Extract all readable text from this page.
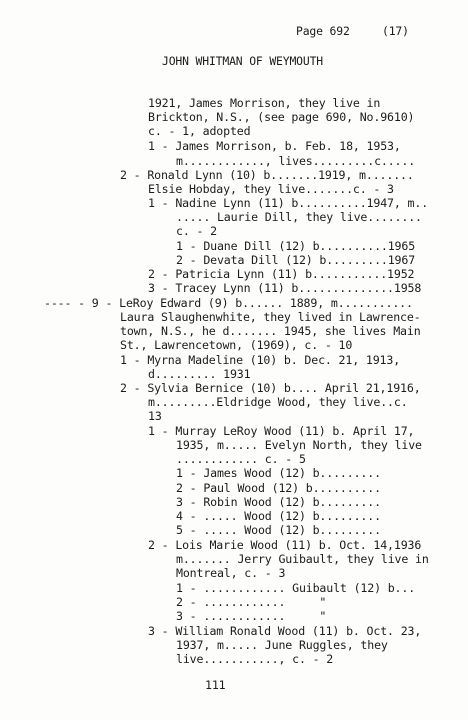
Page 692	(17)
JOHN WHITMAN OF WEYMOUTH
1921, James Morrison, they live in
Brickton, N.S., (see page 690, No.9610)
c. - 1, adopted
1 - James Morrison, b. Feb. 18, 1953,
m............, lives.........c.....
2 - Ronald Lynn (10) b.......1919, m.......
Elsie Hobday, they live.......c. - 3
1 - Nadine Lynn (11) b..........1947, m..
..... Laurie Dill, they live........
c. - 2
1 - Duane Dill (12) b..........1965
2 - Devata Dill (12) b.........1967
2 - Patricia Lynn (11) b...........1952
3 - Tracey Lynn (11) b..............1958
---- - 9 - LeRoy Edward (9) b...... 1889, m...........
Laura Slaughenwhite, they lived in Lawrence-
town, N.S., he d....... 1945, she lives Main
St., Lawrencetown, (1969), c. - 10
1 - Myrna Madeline (10) b. Dec. 21, 1913,
d......... 1931
2 - Sylvia Bernice (10) b.... April 21,1916,
m.........Eldridge Wood, they live..c.
13
1 - Murray LeRoy Wood (11) b. April 17,
1935, m..... Evelyn North, they live
............ c. - 5
1 - James Wood (12) b.........
2 - Paul Wood (12) b..........
3 - Robin Wood (12) b.........
4 - ..... Wood (12) b.........
5 - ..... Wood (12) b.........
2 - Lois Marie Wood (11) b. Oct. 14,1936
m....... Jerry Guibault, they live in
Montreal, c. - 3
1 - ............ Guibault (12) b...
2 - ............     "
3 - ............     "
3 - William Ronald Wood (11) b. Oct. 23,
1937, m..... June Ruggles, they
live..........., c. - 2
111
